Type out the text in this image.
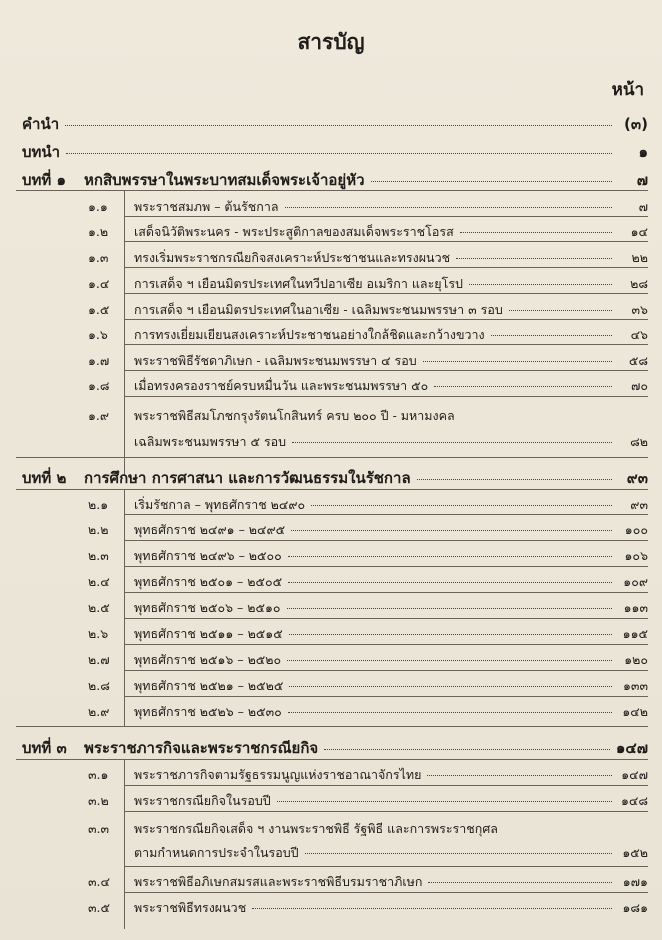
สารบัญ
หน้า
คำนำ	(๓)
บทนำ	๑
บทที่ ๑	หกสิบพรรษาในพระบาทสมเด็จพระเจ้าอยู่หัว	๗
๑.๑	พระราชสมภพ – ต้นรัชกาล	๗
๑.๒	เสด็จนิวัติพระนคร - พระประสูติกาลของสมเด็จพระราชโอรส	๑๔
๑.๓	ทรงเริ่มพระราชกรณียกิจสงเคราะห์ประชาชนและทรงผนวช	๒๒
๑.๔	การเสด็จ ฯ เยือนมิตรประเทศในทวีปอาเซีย อเมริกา และยุโรป	๒๘
๑.๕	การเสด็จ ฯ เยือนมิตรประเทศในอาเซีย - เฉลิมพระชนมพรรษา ๓ รอบ	๓๖
๑.๖	การทรงเยี่ยมเยียนสงเคราะห์ประชาชนอย่างใกล้ชิดและกว้างขวาง	๔๖
๑.๗	พระราชพิธีรัชดาภิเษก - เฉลิมพระชนมพรรษา ๔ รอบ	๕๘
๑.๘	เมื่อทรงครองราชย์ครบหมื่นวัน และพระชนมพรรษา ๕๐	๗๐
๑.๙	พระราชพิธีสมโภชกรุงรัตนโกสินทร์ ครบ ๒๐๐ ปี - มหามงคล
เฉลิมพระชนมพรรษา ๕ รอบ	๘๒
บทที่ ๒	การศึกษา การศาสนา และการวัฒนธรรมในรัชกาล	๙๓
๒.๑	เริ่มรัชกาล – พุทธศักราช ๒๔๙๐	๙๓
๒.๒	พุทธศักราช ๒๔๙๑ – ๒๔๙๕	๑๐๐
๒.๓	พุทธศักราช ๒๔๙๖ – ๒๕๐๐	๑๐๖
๒.๔	พุทธศักราช ๒๕๐๑ – ๒๕๐๕	๑๐๙
๒.๕	พุทธศักราช ๒๕๐๖ – ๒๕๑๐	๑๑๓
๒.๖	พุทธศักราช ๒๕๑๑ – ๒๕๑๕	๑๑๕
๒.๗	พุทธศักราช ๒๕๑๖ – ๒๕๒๐	๑๒๐
๒.๘	พุทธศักราช ๒๕๒๑ – ๒๕๒๕	๑๓๓
๒.๙	พุทธศักราช ๒๕๒๖ – ๒๕๓๐	๑๔๒
บทที่ ๓	พระราชภารกิจและพระราชกรณียกิจ	๑๔๗
๓.๑	พระราชภารกิจตามรัฐธรรมนูญแห่งราชอาณาจักรไทย	๑๔๗
๓.๒	พระราชกรณียกิจในรอบปี	๑๔๘
๓.๓	พระราชกรณียกิจเสด็จ ฯ งานพระราชพิธี รัฐพิธี และการพระราชกุศล
ตามกำหนดการประจำในรอบปี	๑๕๒
๓.๔	พระราชพิธีอภิเษกสมรสและพระราชพิธีบรมราชาภิเษก	๑๗๑
๓.๕	พระราชพิธีทรงผนวช	๑๘๑
